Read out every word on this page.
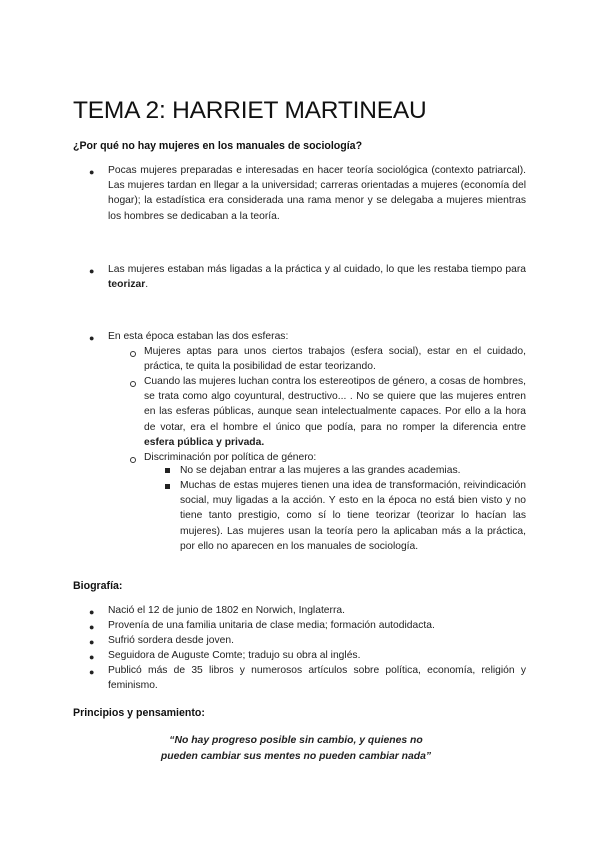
TEMA 2: HARRIET MARTINEAU

¿Por qué no hay mujeres en los manuales de sociología?

● Pocas mujeres preparadas e interesadas en hacer teoría sociológica (contexto patriarcal). Las mujeres tardan en llegar a la universidad; carreras orientadas a mujeres (economía del hogar); la estadística era considerada una rama menor y se delegaba a mujeres mientras los hombres se dedicaban a la teoría.

● Las mujeres estaban más ligadas a la práctica y al cuidado, lo que les restaba tiempo para teorizar.

● En esta época estaban las dos esferas:

Mujeres aptas para unos ciertos trabajos (esfera social), estar en el cuidado, práctica, te quita la posibilidad de estar teorizando.

Cuando las mujeres luchan contra los estereotipos de género, a cosas de hombres, se trata como algo coyuntural, destructivo... . No se quiere que las mujeres entren en las esferas públicas, aunque sean intelectualmente capaces. Por ello a la hora de votar, era el hombre el único que podía, para no romper la diferencia entre esfera pública y privada.

Discriminación por política de género:
No se dejaban entrar a las mujeres a las grandes academias.

Muchas de estas mujeres tienen una idea de transformación, reivindicación social, muy ligadas a la acción. Y esto en la época no está bien visto y no tiene tanto prestigio, como sí lo tiene teorizar (teorizar lo hacían las mujeres). Las mujeres usan la teoría pero la aplicaban más a la práctica, por ello no aparecen en los manuales de sociología.

Biografía:

● Nació el 12 de junio de 1802 en Norwich, Inglaterra.
● Provenía de una familia unitaria de clase media; formación autodidacta.
● Sufrió sordera desde joven.
● Seguidora de Auguste Comte; tradujo su obra al inglés.
● Publicó más de 35 libros y numerosos artículos sobre política, economía, religión y feminismo.

Principios y pensamiento:

“No hay progreso posible sin cambio, y quienes no pueden cambiar sus mentes no pueden cambiar nada”
